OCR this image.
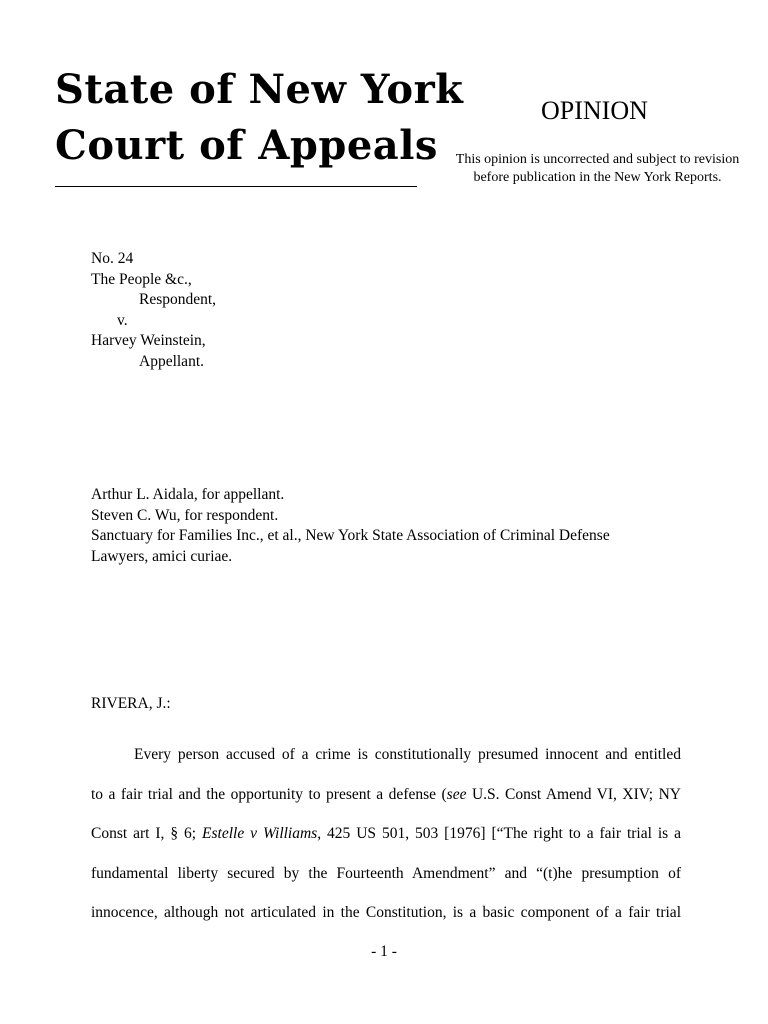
State of New York
Court of Appeals
OPINION
This opinion is uncorrected and subject to revision before publication in the New York Reports.
No. 24
The People &c.,
Respondent,
v.
Harvey Weinstein,
Appellant.
Arthur L. Aidala, for appellant.
Steven C. Wu, for respondent.
Sanctuary for Families Inc., et al., New York State Association of Criminal Defense
Lawyers, amici curiae.
RIVERA, J.:
Every person accused of a crime is constitutionally presumed innocent and entitled
to a fair trial and the opportunity to present a defense (see U.S. Const Amend VI, XIV; NY
Const art I, § 6; Estelle v Williams, 425 US 501, 503 [1976] [“The right to a fair trial is a
fundamental liberty secured by the Fourteenth Amendment” and “(t)he presumption of
innocence, although not articulated in the Constitution, is a basic component of a fair trial
- 1 -
